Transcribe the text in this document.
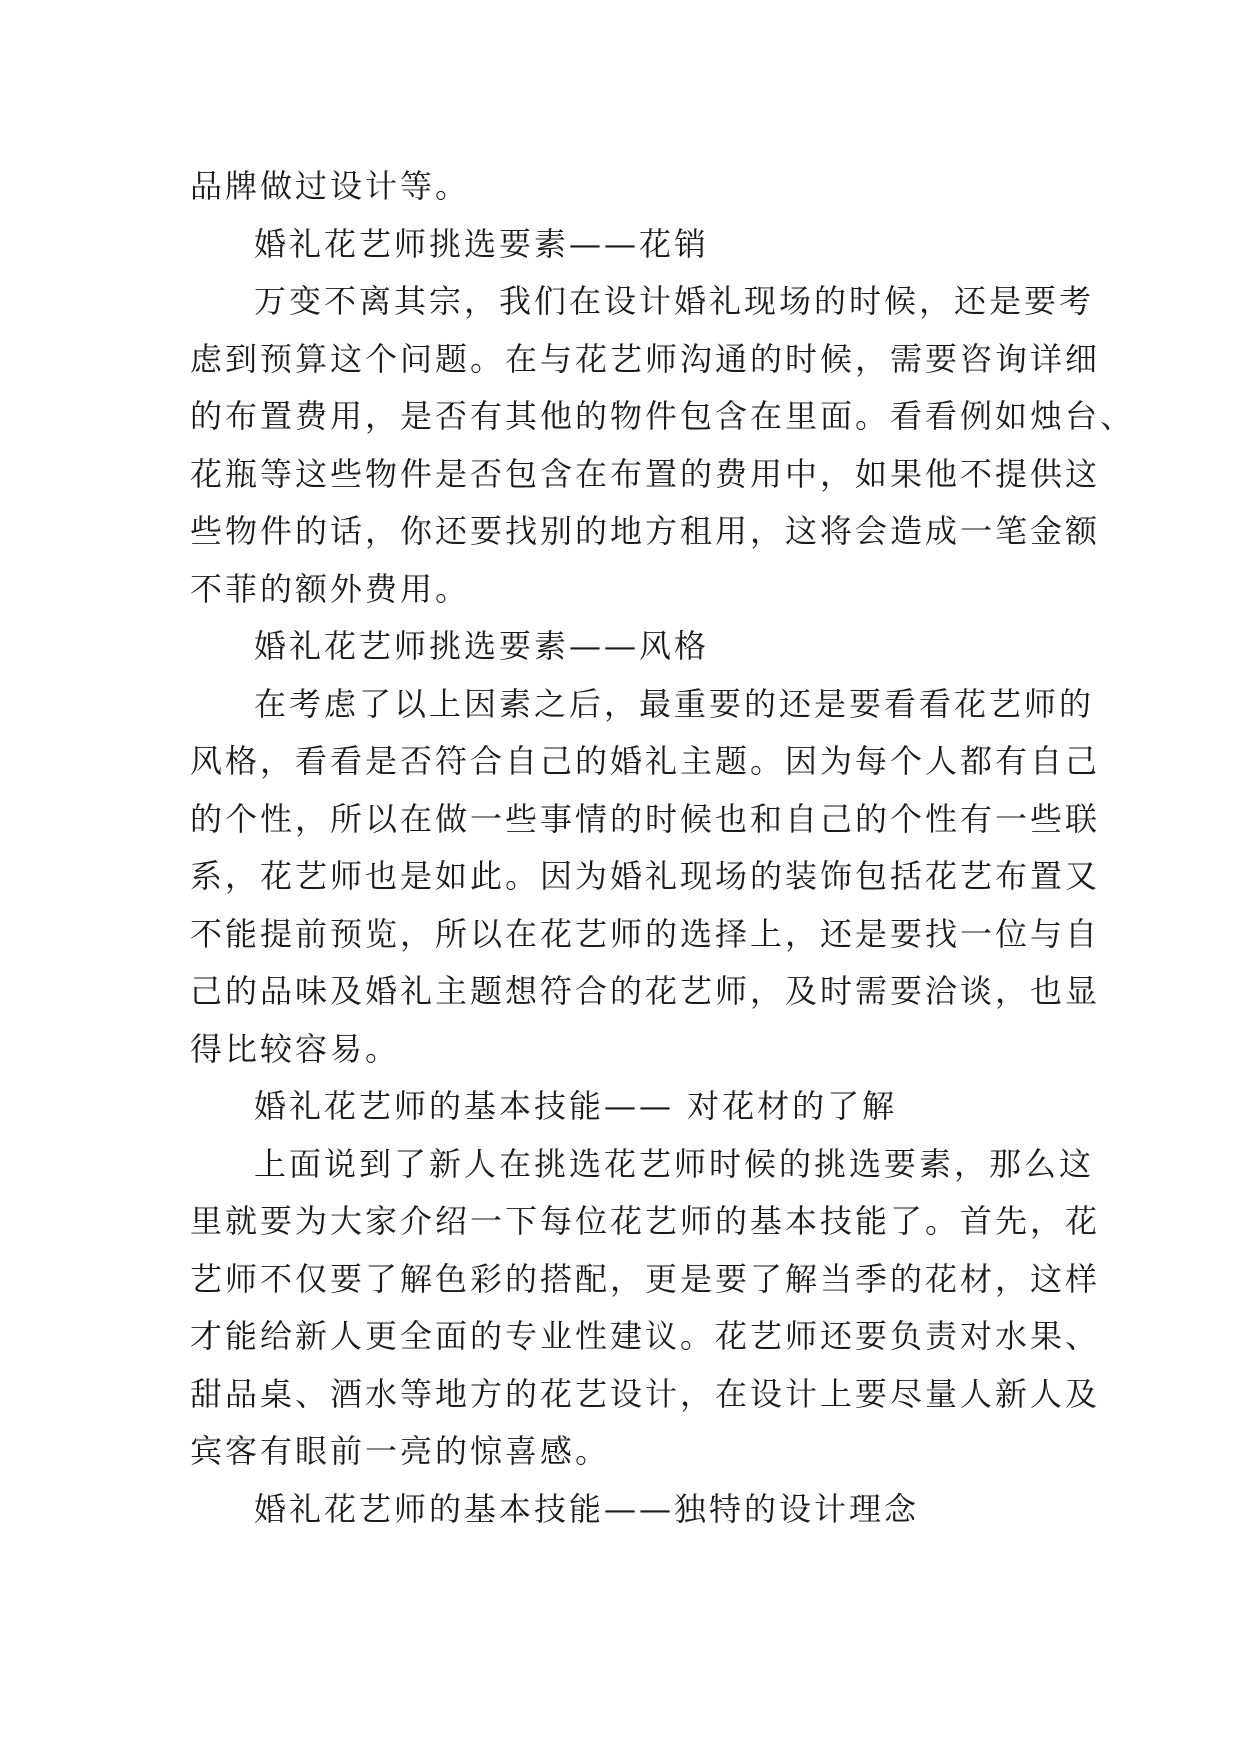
品牌做过设计等。
婚礼花艺师挑选要素——花销
万变不离其宗，我们在设计婚礼现场的时候，还是要考
虑到预算这个问题。在与花艺师沟通的时候，需要咨询详细
的布置费用，是否有其他的物件包含在里面。看看例如烛台、
花瓶等这些物件是否包含在布置的费用中，如果他不提供这
些物件的话，你还要找别的地方租用，这将会造成一笔金额
不菲的额外费用。
婚礼花艺师挑选要素——风格
在考虑了以上因素之后，最重要的还是要看看花艺师的
风格，看看是否符合自己的婚礼主题。因为每个人都有自己
的个性，所以在做一些事情的时候也和自己的个性有一些联
系，花艺师也是如此。因为婚礼现场的装饰包括花艺布置又
不能提前预览，所以在花艺师的选择上，还是要找一位与自
己的品味及婚礼主题想符合的花艺师，及时需要洽谈，也显
得比较容易。
婚礼花艺师的基本技能—— 对花材的了解
上面说到了新人在挑选花艺师时候的挑选要素，那么这
里就要为大家介绍一下每位花艺师的基本技能了。首先，花
艺师不仅要了解色彩的搭配，更是要了解当季的花材，这样
才能给新人更全面的专业性建议。花艺师还要负责对水果、
甜品桌、酒水等地方的花艺设计，在设计上要尽量人新人及
宾客有眼前一亮的惊喜感。
婚礼花艺师的基本技能——独特的设计理念
